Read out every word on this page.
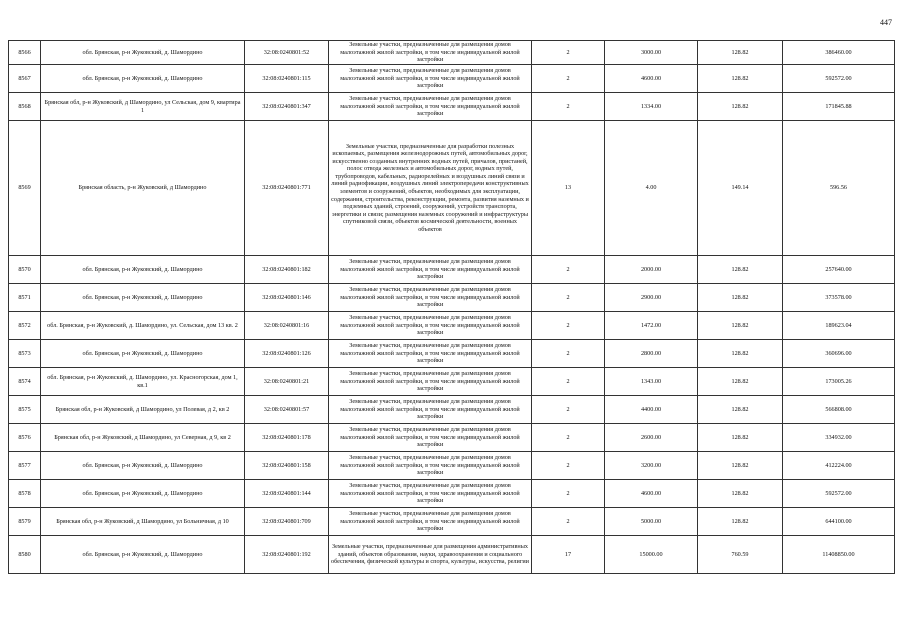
447
8566	обл. Брянская, р-н Жуковский, д. Шамордино	32:08:0240801:52	Земельные участки, предназначенные для размещения домов малоэтажной жилой застройки, в том числе индивидуальной жилой застройки	2	3000.00	128.82	386460.00
8567	обл. Брянская, р-н Жуковский, д. Шамордино	32:08:0240801:115	Земельные участки, предназначенные для размещения домов малоэтажной жилой застройки, в том числе индивидуальной жилой застройки	2	4600.00	128.82	592572.00
8568	Брянская обл, р-н Жуковский, д Шамордино, ул Сельская, дом 9, квартира 1	32:08:0240801:347	Земельные участки, предназначенные для размещения домов малоэтажной жилой застройки, в том числе индивидуальной жилой застройки	2	1334.00	128.82	171845.88
8569	Брянская область, р-н Жуковский, д Шамордино	32:08:0240801:771	Земельные участки, предназначенные для разработки полезных ископаемых, размещения железнодорожных путей, автомобильных дорог, искусственно созданных внутренних водных путей, причалов, пристаней, полос отвода железных и автомобильных дорог, водных путей, трубопроводов, кабельных, радиорелейных и воздушных линий связи и линий радиофикации, воздушных линий электропередачи конструктивных элементов и сооружений, объектов, необходимых для эксплуатации, содержания, строительства, реконструкции, ремонта, развития наземных и подземных зданий, строений, сооружений, устройств транспорта, энергетики и связи; размещения наземных сооружений и инфраструктуры спутниковой связи, объектов космической деятельности, военных объектов	13	4.00	149.14	596.56
8570	обл. Брянская, р-н Жуковский, д. Шамордино	32:08:0240801:182	Земельные участки, предназначенные для размещения домов малоэтажной жилой застройки, в том числе индивидуальной жилой застройки	2	2000.00	128.82	257640.00
8571	обл. Брянская, р-н Жуковский, д. Шамордино	32:08:0240801:146	Земельные участки, предназначенные для размещения домов малоэтажной жилой застройки, в том числе индивидуальной жилой застройки	2	2900.00	128.82	373578.00
8572	обл. Брянская, р-н Жуковский, д. Шамордино, ул. Сельская, дом 13 кв. 2	32:08:0240801:16	Земельные участки, предназначенные для размещения домов малоэтажной жилой застройки, в том числе индивидуальной жилой застройки	2	1472.00	128.82	189623.04
8573	обл. Брянская, р-н Жуковский, д. Шамордино	32:08:0240801:126	Земельные участки, предназначенные для размещения домов малоэтажной жилой застройки, в том числе индивидуальной жилой застройки	2	2800.00	128.82	360696.00
8574	обл. Брянская, р-н Жуковский, д. Шамордино, ул. Красногорская, дом 1, кв.1	32:08:0240801:21	Земельные участки, предназначенные для размещения домов малоэтажной жилой застройки, в том числе индивидуальной жилой застройки	2	1343.00	128.82	173005.26
8575	Брянская обл, р-н Жуковский, д Шамордино, ул Полевая, д 2, кв 2	32:08:0240801:57	Земельные участки, предназначенные для размещения домов малоэтажной жилой застройки, в том числе индивидуальной жилой застройки	2	4400.00	128.82	566808.00
8576	Брянская обл, р-н Жуковский, д Шамордино, ул Северная, д 9, кв 2	32:08:0240801:178	Земельные участки, предназначенные для размещения домов малоэтажной жилой застройки, в том числе индивидуальной жилой застройки	2	2600.00	128.82	334932.00
8577	обл. Брянская, р-н Жуковский, д. Шамордино	32:08:0240801:158	Земельные участки, предназначенные для размещения домов малоэтажной жилой застройки, в том числе индивидуальной жилой застройки	2	3200.00	128.82	412224.00
8578	обл. Брянская, р-н Жуковский, д. Шамордино	32:08:0240801:144	Земельные участки, предназначенные для размещения домов малоэтажной жилой застройки, в том числе индивидуальной жилой застройки	2	4600.00	128.82	592572.00
8579	Брянская обл, р-н Жуковский, д Шамордино, ул Больничная, д 10	32:08:0240801:709	Земельные участки, предназначенные для размещения домов малоэтажной жилой застройки, в том числе индивидуальной жилой застройки	2	5000.00	128.82	644100.00
8580	обл. Брянская, р-н Жуковский, д. Шамордино	32:08:0240801:192	Земельные участки, предназначенные для размещения административных зданий, объектов образования, науки, здравоохранения и социального обеспечения, физической культуры и спорта, культуры, искусства, религии	17	15000.00	760.59	11408850.00
